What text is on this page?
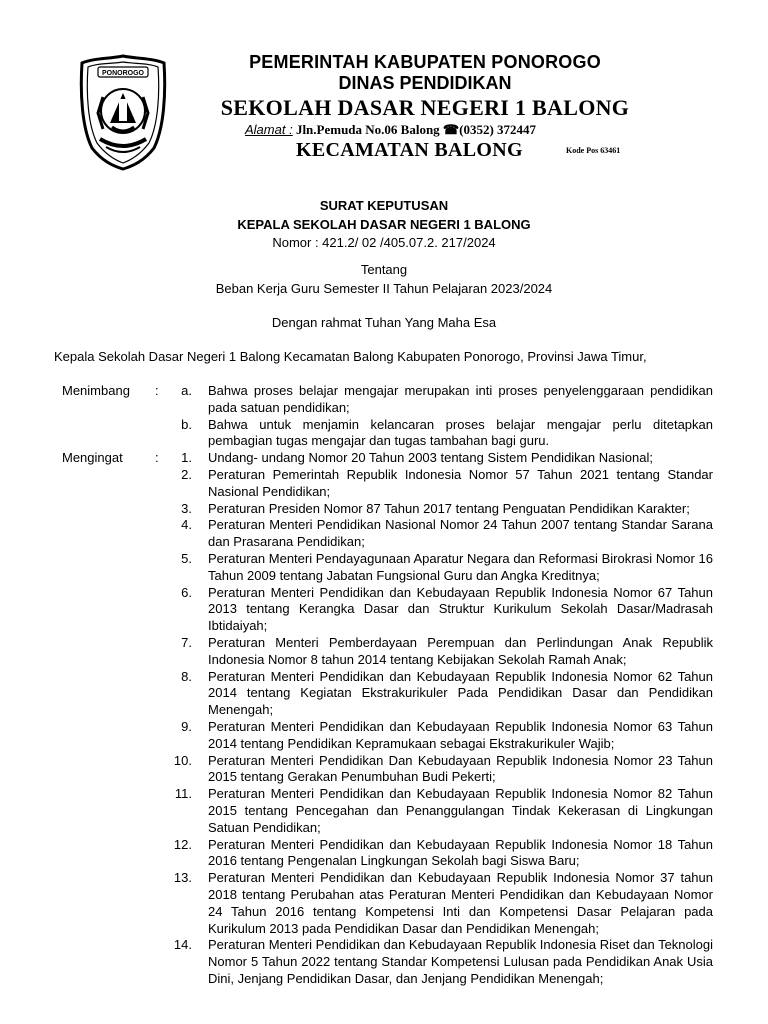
PONOROGO
PEMERINTAH KABUPATEN PONOROGO
DINAS PENDIDIKAN
SEKOLAH DASAR NEGERI 1 BALONG
Alamat : Jln.Pemuda No.06 Balong ☎(0352) 372447
KECAMATAN BALONG	Kode Pos 63461
SURAT KEPUTUSAN
KEPALA SEKOLAH DASAR NEGERI 1 BALONG
Nomor : 421.2/ 02 /405.07.2. 217/2024
Tentang
Beban Kerja Guru Semester II Tahun Pelajaran 2023/2024
Dengan rahmat Tuhan Yang Maha Esa
Kepala Sekolah Dasar Negeri 1 Balong Kecamatan Balong Kabupaten Ponorogo, Provinsi Jawa Timur,
Menimbang :	a. Bahwa proses belajar mengajar merupakan inti proses penyelenggaraan pendidikan pada satuan pendidikan;
b. Bahwa untuk menjamin kelancaran proses belajar mengajar perlu ditetapkan pembagian tugas mengajar dan tugas tambahan bagi guru.
Mengingat :	1. Undang- undang Nomor 20 Tahun 2003 tentang Sistem Pendidikan Nasional;
2. Peraturan Pemerintah Republik Indonesia Nomor 57 Tahun 2021 tentang Standar Nasional Pendidikan;
3. Peraturan Presiden Nomor 87 Tahun 2017 tentang Penguatan Pendidikan Karakter;
4. Peraturan Menteri Pendidikan Nasional Nomor 24 Tahun 2007 tentang Standar Sarana dan Prasarana Pendidikan;
5. Peraturan Menteri Pendayagunaan Aparatur Negara dan Reformasi Birokrasi Nomor 16 Tahun 2009 tentang Jabatan Fungsional Guru dan Angka Kreditnya;
6. Peraturan Menteri Pendidikan dan Kebudayaan Republik Indonesia Nomor 67 Tahun 2013 tentang Kerangka Dasar dan Struktur Kurikulum Sekolah Dasar/Madrasah Ibtidaiyah;
7. Peraturan Menteri Pemberdayaan Perempuan dan Perlindungan Anak Republik Indonesia Nomor 8 tahun 2014 tentang Kebijakan Sekolah Ramah Anak;
8. Peraturan Menteri Pendidikan dan Kebudayaan Republik Indonesia Nomor 62 Tahun 2014 tentang Kegiatan Ekstrakurikuler Pada Pendidikan Dasar dan Pendidikan Menengah;
9. Peraturan Menteri Pendidikan dan Kebudayaan Republik Indonesia Nomor 63 Tahun 2014 tentang Pendidikan Kepramukaan sebagai Ekstrakurikuler Wajib;
10. Peraturan Menteri Pendidikan Dan Kebudayaan Republik Indonesia Nomor 23 Tahun 2015 tentang Gerakan Penumbuhan Budi Pekerti;
11. Peraturan Menteri Pendidikan dan Kebudayaan Republik Indonesia Nomor 82 Tahun 2015 tentang Pencegahan dan Penanggulangan Tindak Kekerasan di Lingkungan Satuan Pendidikan;
12. Peraturan Menteri Pendidikan dan Kebudayaan Republik Indonesia Nomor 18 Tahun 2016 tentang Pengenalan Lingkungan Sekolah bagi Siswa Baru;
13. Peraturan Menteri Pendidikan dan Kebudayaan Republik Indonesia Nomor 37 tahun 2018 tentang Perubahan atas Peraturan Menteri Pendidikan dan Kebudayaan Nomor 24 Tahun 2016 tentang Kompetensi Inti dan Kompetensi Dasar Pelajaran pada Kurikulum 2013 pada Pendidikan Dasar dan Pendidikan Menengah;
14. Peraturan Menteri Pendidikan dan Kebudayaan Republik Indonesia Riset dan Teknologi Nomor 5 Tahun 2022 tentang Standar Kompetensi Lulusan pada Pendidikan Anak Usia Dini, Jenjang Pendidikan Dasar, dan Jenjang Pendidikan Menengah;
